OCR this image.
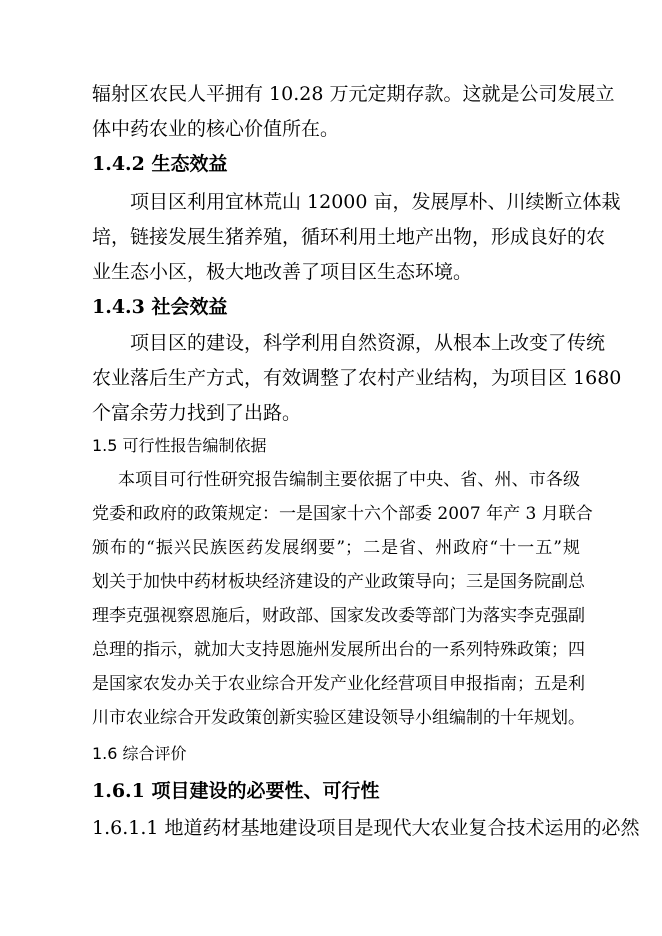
辐射区农民人平拥有 10.28 万元定期存款。这就是公司发展立
体中药农业的核心价值所在。
1.4.2 生态效益
项目区利用宜林荒山 12000 亩，发展厚朴、川续断立体栽
培，链接发展生猪养殖，循环利用土地产出物，形成良好的农
业生态小区，极大地改善了项目区生态环境。
1.4.3 社会效益
项目区的建设，科学利用自然资源，从根本上改变了传统
农业落后生产方式，有效调整了农村产业结构，为项目区 1680
个富余劳力找到了出路。
1.5 可行性报告编制依据
本项目可行性研究报告编制主要依据了中央、省、州、市各级
党委和政府的政策规定：一是国家十六个部委 2007 年产 3 月联合
颁布的“振兴民族医药发展纲要”；二是省、州政府“十一五”规
划关于加快中药材板块经济建设的产业政策导向；三是国务院副总
理李克强视察恩施后，财政部、国家发改委等部门为落实李克强副
总理的指示，就加大支持恩施州发展所出台的一系列特殊政策；四
是国家农发办关于农业综合开发产业化经营项目申报指南；五是利
川市农业综合开发政策创新实验区建设领导小组编制的十年规划。
1.6 综合评价
1.6.1 项目建设的必要性、可行性
1.6.1.1 地道药材基地建设项目是现代大农业复合技术运用的必然
